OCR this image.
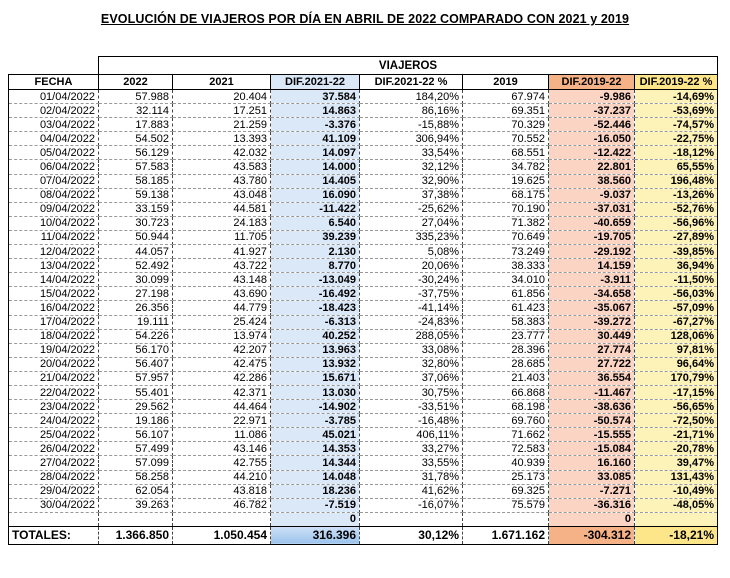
EVOLUCIÓN DE VIAJEROS POR DÍA EN ABRIL DE 2022 COMPARADO CON 2021 y 2019
	VIAJEROS						
FECHA	2022	2021	DIF.2021-22	DIF.2021-22 %	2019	DIF.2019-22	DIF.2019-22 %
01/04/2022	57.988	20.404	37.584	184,20%	67.974	-9.986	-14,69%
02/04/2022	32.114	17.251	14.863	86,16%	69.351	-37.237	-53,69%
03/04/2022	17.883	21.259	-3.376	-15,88%	70.329	-52.446	-74,57%
04/04/2022	54.502	13.393	41.109	306,94%	70.552	-16.050	-22,75%
05/04/2022	56.129	42.032	14.097	33,54%	68.551	-12.422	-18,12%
06/04/2022	57.583	43.583	14.000	32,12%	34.782	22.801	65,55%
07/04/2022	58.185	43.780	14.405	32,90%	19.625	38.560	196,48%
08/04/2022	59.138	43.048	16.090	37,38%	68.175	-9.037	-13,26%
09/04/2022	33.159	44.581	-11.422	-25,62%	70.190	-37.031	-52,76%
10/04/2022	30.723	24.183	6.540	27,04%	71.382	-40.659	-56,96%
11/04/2022	50.944	11.705	39.239	335,23%	70.649	-19.705	-27,89%
12/04/2022	44.057	41.927	2.130	5,08%	73.249	-29.192	-39,85%
13/04/2022	52.492	43.722	8.770	20,06%	38.333	14.159	36,94%
14/04/2022	30.099	43.148	-13.049	-30,24%	34.010	-3.911	-11,50%
15/04/2022	27.198	43.690	-16.492	-37,75%	61.856	-34.658	-56,03%
16/04/2022	26.356	44.779	-18.423	-41,14%	61.423	-35.067	-57,09%
17/04/2022	19.111	25.424	-6.313	-24,83%	58.383	-39.272	-67,27%
18/04/2022	54.226	13.974	40.252	288,05%	23.777	30.449	128,06%
19/04/2022	56.170	42.207	13.963	33,08%	28.396	27.774	97,81%
20/04/2022	56.407	42.475	13.932	32,80%	28.685	27.722	96,64%
21/04/2022	57.957	42.286	15.671	37,06%	21.403	36.554	170,79%
22/04/2022	55.401	42.371	13.030	30,75%	66.868	-11.467	-17,15%
23/04/2022	29.562	44.464	-14.902	-33,51%	68.198	-38.636	-56,65%
24/04/2022	19.186	22.971	-3.785	-16,48%	69.760	-50.574	-72,50%
25/04/2022	56.107	11.086	45.021	406,11%	71.662	-15.555	-21,71%
26/04/2022	57.499	43.146	14.353	33,27%	72.583	-15.084	-20,78%
27/04/2022	57.099	42.755	14.344	33,55%	40.939	16.160	39,47%
28/04/2022	58.258	44.210	14.048	31,78%	25.173	33.085	131,43%
29/04/2022	62.054	43.818	18.236	41,62%	69.325	-7.271	-10,49%
30/04/2022	39.263	46.782	-7.519	-16,07%	75.579	-36.316	-48,05%
			0			0	
TOTALES:	1.366.850	1.050.454	316.396	30,12%	1.671.162	-304.312	-18,21%
